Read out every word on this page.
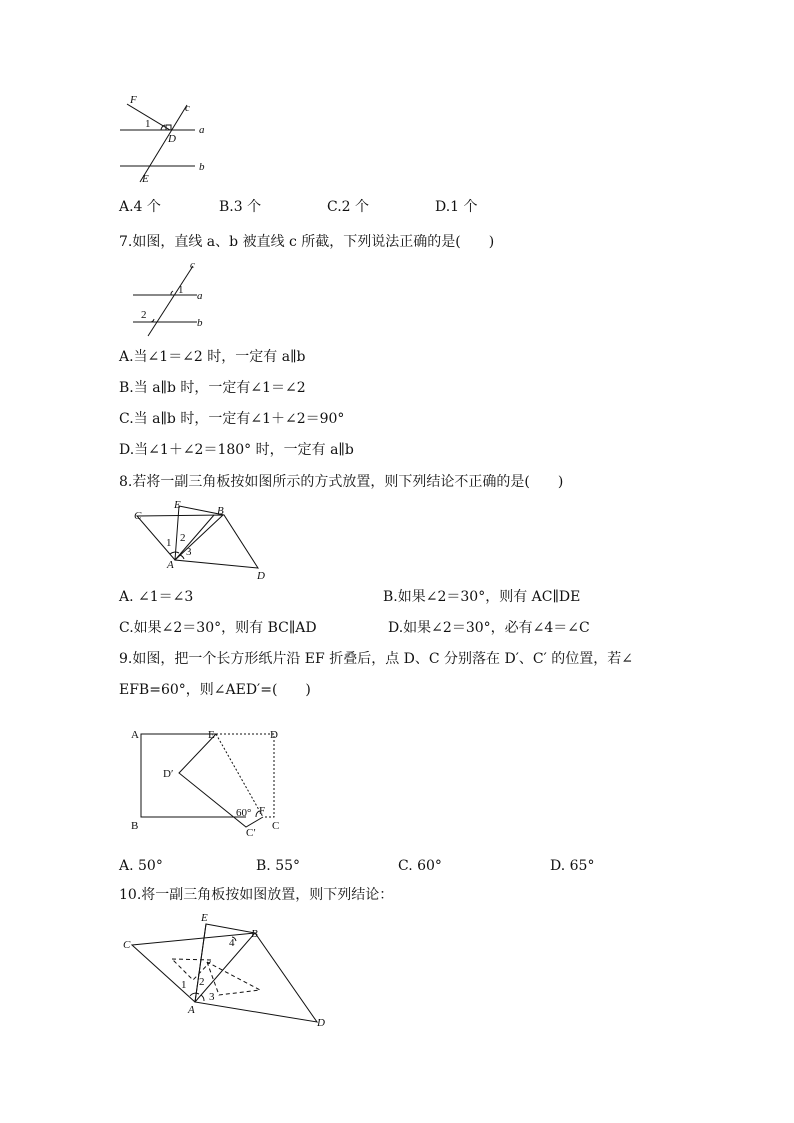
F
c
1
D
a
b
E
A.4 个	B.3 个	C.2 个	D.1 个
7.如图，直线 a、b 被直线 c 所截，下列说法正确的是(　　)
c
1 a
2
b
A.当∠1＝∠2 时，一定有 a∥b
B.当 a∥b 时，一定有∠1＝∠2
C.当 a∥b 时，一定有∠1＋∠2＝90°
D.当∠1＋∠2＝180° 时，一定有 a∥b
8.若将一副三角板按如图所示的方式放置，则下列结论不正确的是(　　)
C
E	B
1 2
3
A
D
A. ∠1＝∠3	B.如果∠2＝30°，则有 AC∥DE
C.如果∠2＝30°，则有 BC∥AD	D.如果∠2＝30°，必有∠4＝∠C
9.如图，把一个长方形纸片沿 EF 折叠后，点 D、C 分别落在 D′、C′ 的位置，若∠
EFB=60°，则∠AED′=(　　)
A	E	D
D′
60° F
B
C′
C
A. 50°	B. 55°	C. 60°	D. 65°
10.将一副三角板按如图放置，则下列结论：
E
C	4
B
2
1
3
A
D
